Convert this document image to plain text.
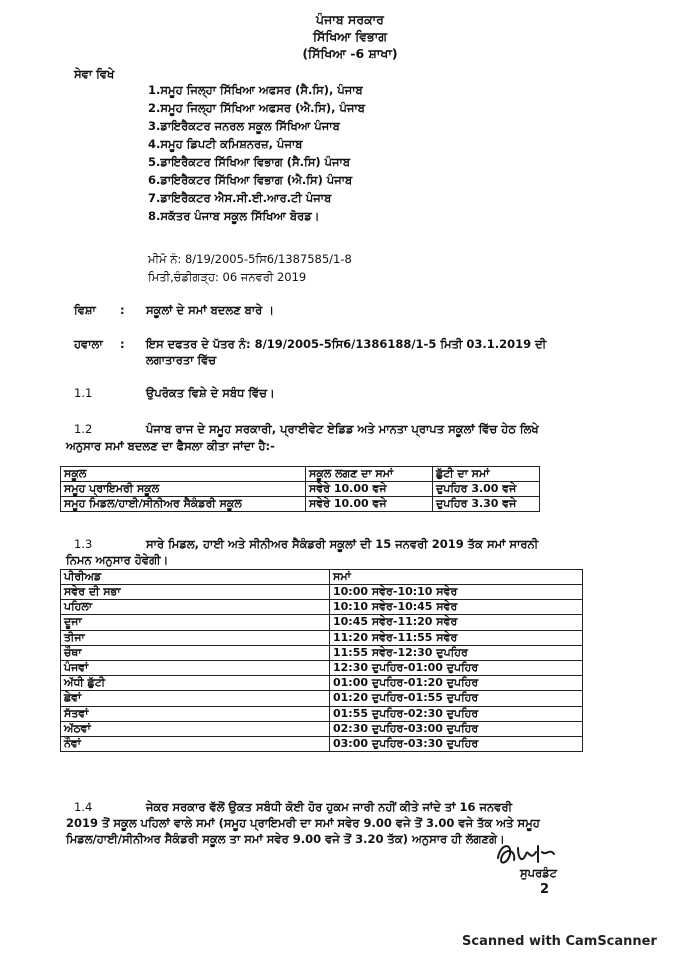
ਪੰਜਾਬ ਸਰਕਾਰ
ਸਿੱਖਿਆ ਵਿਭਾਗ
(ਸਿੱਖਿਆ -6 ਸ਼ਾਖਾ)
ਸੇਵਾ ਵਿਖੇ
1.ਸਮੂਹ ਜਿਲ੍ਹਾ ਸਿੱਖਿਆ ਅਫਸਰ (ਸੈ.ਸਿ), ਪੰਜਾਬ
2.ਸਮੂਹ ਜਿਲ੍ਹਾ ਸਿੱਖਿਆ ਅਫਸਰ (ਐ.ਸਿ), ਪੰਜਾਬ
3.ਡਾਇਰੈਕਟਰ ਜਨਰਲ ਸਕੂਲ ਸਿੱਖਿਆ ਪੰਜਾਬ
4.ਸਮੂਹ ਡਿਪਟੀ ਕਮਿਸ਼ਨਰਜ਼, ਪੰਜਾਬ
5.ਡਾਇਰੈਕਟਰ ਸਿੱਖਿਆ ਵਿਭਾਗ (ਸੈ.ਸਿ) ਪੰਜਾਬ
6.ਡਾਇਰੈਕਟਰ ਸਿੱਖਿਆ ਵਿਭਾਗ (ਐ.ਸਿ) ਪੰਜਾਬ
7.ਡਾਇਰੈਕਟਰ ਐਸ.ਸੀ.ਈ.ਆਰ.ਟੀ ਪੰਜਾਬ
8.ਸਕੱਤਰ ਪੰਜਾਬ ਸਕੂਲ ਸਿੱਖਿਆ ਬੋਰਡ।
ਮੀਮੋ ਨੰ: 8/19/2005-5ਸਿ6/1387585/1-8
ਮਿਤੀ,ਚੰਡੀਗੜ੍ਹ: 06 ਜਨਵਰੀ 2019
ਵਿਸ਼ਾ : ਸਕੂਲਾਂ ਦੇ ਸਮਾਂ ਬਦਲਣ ਬਾਰੇ ।
ਹਵਾਲਾ : ਇਸ ਦਫਤਰ ਦੇ ਪੱਤਰ ਨੰ: 8/19/2005-5ਸਿ6/1386188/1-5 ਮਿਤੀ 03.1.2019 ਦੀ
ਲਗਾਤਾਰਤਾ ਵਿੱਚ
1.1	ਉਪਰੋਕਤ ਵਿਸ਼ੇ ਦੇ ਸਬੰਧ ਵਿੱਚ।
1.2	ਪੰਜਾਬ ਰਾਜ ਦੇ ਸਮੂਹ ਸਰਕਾਰੀ, ਪ੍ਰਾਈਵੇਟ ਏਡਿਡ ਅਤੇ ਮਾਨਤਾ ਪ੍ਰਾਪਤ ਸਕੂਲਾਂ ਵਿੱਚ ਹੇਠ ਲਿਖੇ
ਅਨੁਸਾਰ ਸਮਾਂ ਬਦਲਣ ਦਾ ਫੈਸਲਾ ਕੀਤਾ ਜਾਂਦਾ ਹੈ:-
ਸਕੂਲ	ਸਕੂਲ ਲਗਣ ਦਾ ਸਮਾਂ	ਛੁੱਟੀ ਦਾ ਸਮਾਂ
ਸਮੂਹ ਪ੍ਰਾਇਮਰੀ ਸਕੂਲ	ਸਵੇਰੇ 10.00 ਵਜੇ	ਦੁਪਹਿਰ 3.00 ਵਜੇ
ਸਮੂਹ ਮਿਡਲ/ਹਾਈ/ਸੀਨੀਅਰ ਸੈਕੰਡਰੀ ਸਕੂਲ	ਸਵੇਰੇ 10.00 ਵਜੇ	ਦੁਪਹਿਰ 3.30 ਵਜੇ
1.3	ਸਾਰੇ ਮਿਡਲ, ਹਾਈ ਅਤੇ ਸੀਨੀਅਰ ਸੈਕੰਡਰੀ ਸਕੂਲਾਂ ਦੀ 15 ਜਨਵਰੀ 2019 ਤੱਕ ਸਮਾਂ ਸਾਰਨੀ
ਨਿਮਨ ਅਨੁਸਾਰ ਹੋਵੇਗੀ।
ਪੀਰੀਅਡ	ਸਮਾਂ
ਸਵੇਰ ਦੀ ਸਭਾ	10:00 ਸਵੇਰ-10:10 ਸਵੇਰ
ਪਹਿਲਾ	10:10 ਸਵੇਰ-10:45 ਸਵੇਰ
ਦੂਜਾ	10:45 ਸਵੇਰ-11:20 ਸਵੇਰ
ਤੀਜਾ	11:20 ਸਵੇਰ-11:55 ਸਵੇਰ
ਚੌਥਾ	11:55 ਸਵੇਰ-12:30 ਦੁਪਹਿਰ
ਪੰਜਵਾਂ	12:30 ਦੁਪਹਿਰ-01:00 ਦੁਪਹਿਰ
ਅੱਧੀ ਛੁੱਟੀ	01:00 ਦੁਪਹਿਰ-01:20 ਦੁਪਹਿਰ
ਛੇਵਾਂ	01:20 ਦੁਪਹਿਰ-01:55 ਦੁਪਹਿਰ
ਸੱਤਵਾਂ	01:55 ਦੁਪਹਿਰ-02:30 ਦੁਪਹਿਰ
ਅੱਠਵਾਂ	02:30 ਦੁਪਹਿਰ-03:00 ਦੁਪਹਿਰ
ਨੌਵਾਂ	03:00 ਦੁਪਹਿਰ-03:30 ਦੁਪਹਿਰ
1.4	ਜੇਕਰ ਸਰਕਾਰ ਵੱਲੋਂ ਉਕਤ ਸਬੰਧੀ ਕੋਈ ਹੋਰ ਹੁਕਮ ਜਾਰੀ ਨਹੀਂ ਕੀਤੇ ਜਾਂਦੇ ਤਾਂ 16 ਜਨਵਰੀ
2019 ਤੋਂ ਸਕੂਲ ਪਹਿਲਾਂ ਵਾਲੇ ਸਮਾਂ (ਸਮੂਹ ਪ੍ਰਾਇਮਰੀ ਦਾ ਸਮਾਂ ਸਵੇਰ 9.00 ਵਜੇ ਤੋਂ 3.00 ਵਜੇ ਤੱਕ ਅਤੇ ਸਮੂਹ
ਮਿਡਲ/ਹਾਈ/ਸੀਨੀਅਰ ਸੈਕੰਡਰੀ ਸਕੂਲ ਤਾ ਸਮਾਂ ਸਵੇਰ 9.00 ਵਜੇ ਤੋਂ 3.20 ਤੱਕ) ਅਨੁਸਾਰ ਹੀ ਲੱਗਣਗੇ।
ਸੁਪਰਡੰਟ
2
Scanned with CamScanner
